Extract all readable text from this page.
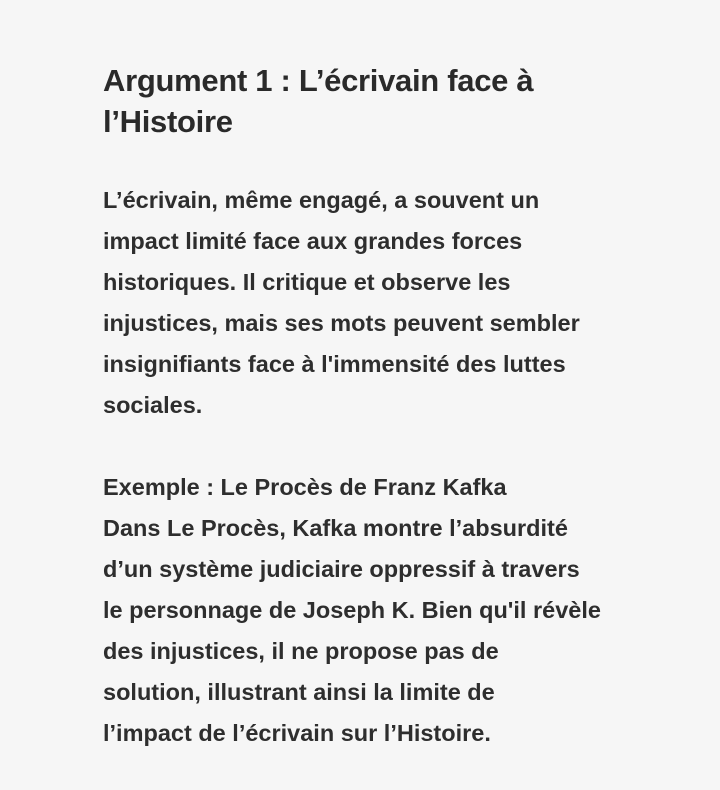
Argument 1 : L’écrivain face à
l’Histoire

L’écrivain, même engagé, a souvent un
impact limité face aux grandes forces
historiques. Il critique et observe les
injustices, mais ses mots peuvent sembler
insignifiants face à l'immensité des luttes
sociales.

Exemple : Le Procès de Franz Kafka
Dans Le Procès, Kafka montre l’absurdité
d’un système judiciaire oppressif à travers
le personnage de Joseph K. Bien qu'il révèle
des injustices, il ne propose pas de
solution, illustrant ainsi la limite de
l’impact de l’écrivain sur l’Histoire.
